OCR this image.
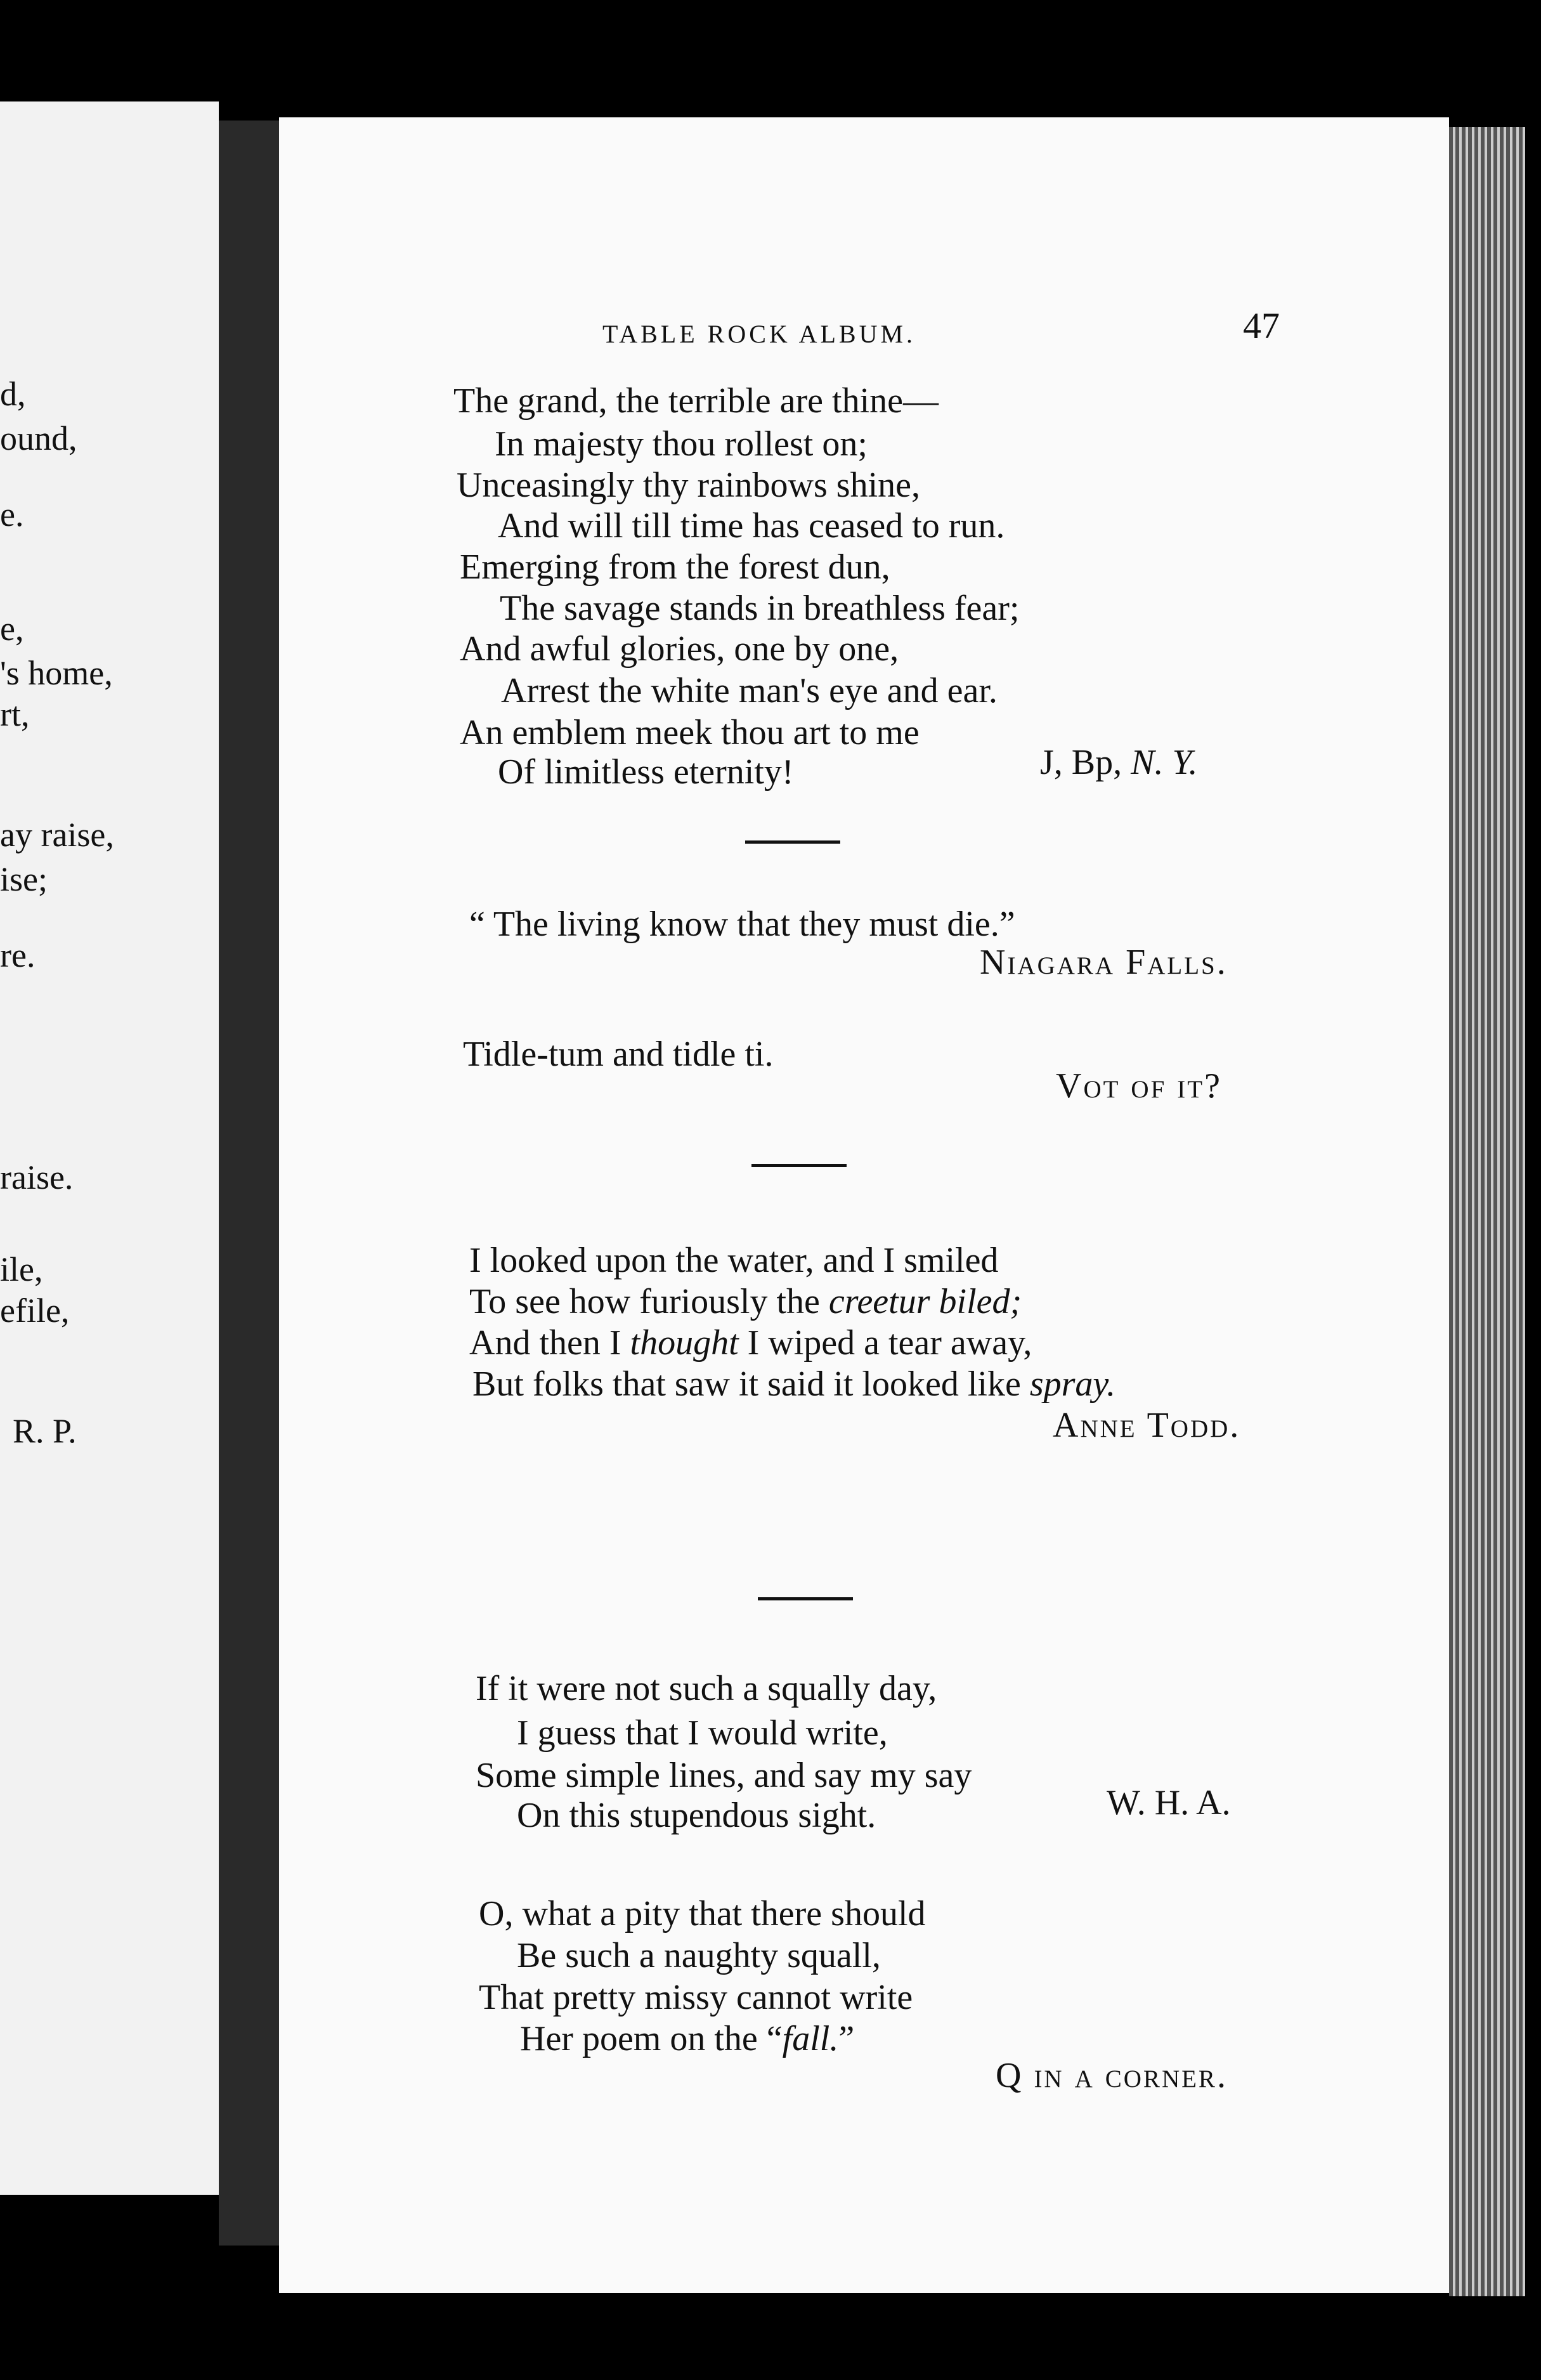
d,
ound,
e.
e,
's home,
rt,
ay raise,
ise;
re.
raise.
ile,
efile,
R. P.
TABLE ROCK ALBUM.	47
The grand, the terrible are thine—
In majesty thou rollest on;
Unceasingly thy rainbows shine,
And will till time has ceased to run.
Emerging from the forest dun,
The savage stands in breathless fear;
And awful glories, one by one,
Arrest the white man's eye and ear.
An emblem meek thou art to me
Of limitless eternity!	J, Bp, N. Y.
“ The living know that they must die.”
Niagara Falls.
Tidle-tum and tidle ti.
Vot of it?
I looked upon the water, and I smiled
To see how furiously the creetur biled;
And then I thought I wiped a tear away,
But folks that saw it said it looked like spray.
Anne Todd.
If it were not such a squally day,
I guess that I would write,
Some simple lines, and say my say
On this stupendous sight.	W. H. A.
O, what a pity that there should
Be such a naughty squall,
That pretty missy cannot write
Her poem on the “fall.”
Q in a corner.
